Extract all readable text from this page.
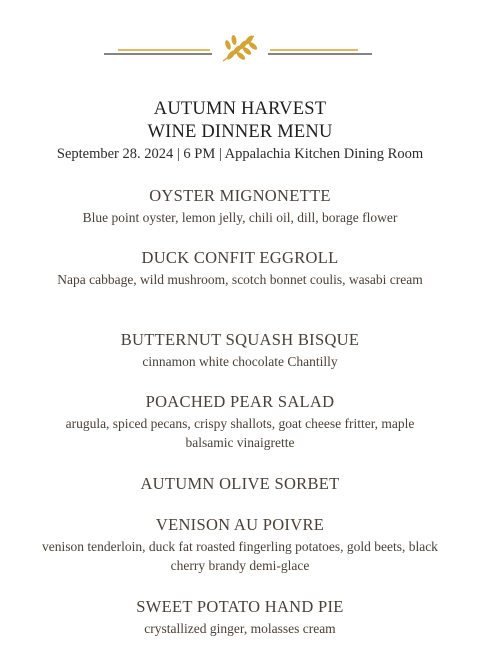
AUTUMN HARVEST
WINE DINNER MENU
September 28. 2024 | 6 PM | Appalachia Kitchen Dining Room
OYSTER MIGNONETTE
Blue point oyster, lemon jelly, chili oil, dill, borage flower
DUCK CONFIT EGGROLL
Napa cabbage, wild mushroom, scotch bonnet coulis, wasabi cream
BUTTERNUT SQUASH BISQUE
cinnamon white chocolate Chantilly
POACHED PEAR SALAD
arugula, spiced pecans, crispy shallots, goat cheese fritter, maple balsamic vinaigrette
AUTUMN OLIVE SORBET
VENISON AU POIVRE
venison tenderloin, duck fat roasted fingerling potatoes, gold beets, black cherry brandy demi-glace
SWEET POTATO HAND PIE
crystallized ginger, molasses cream
